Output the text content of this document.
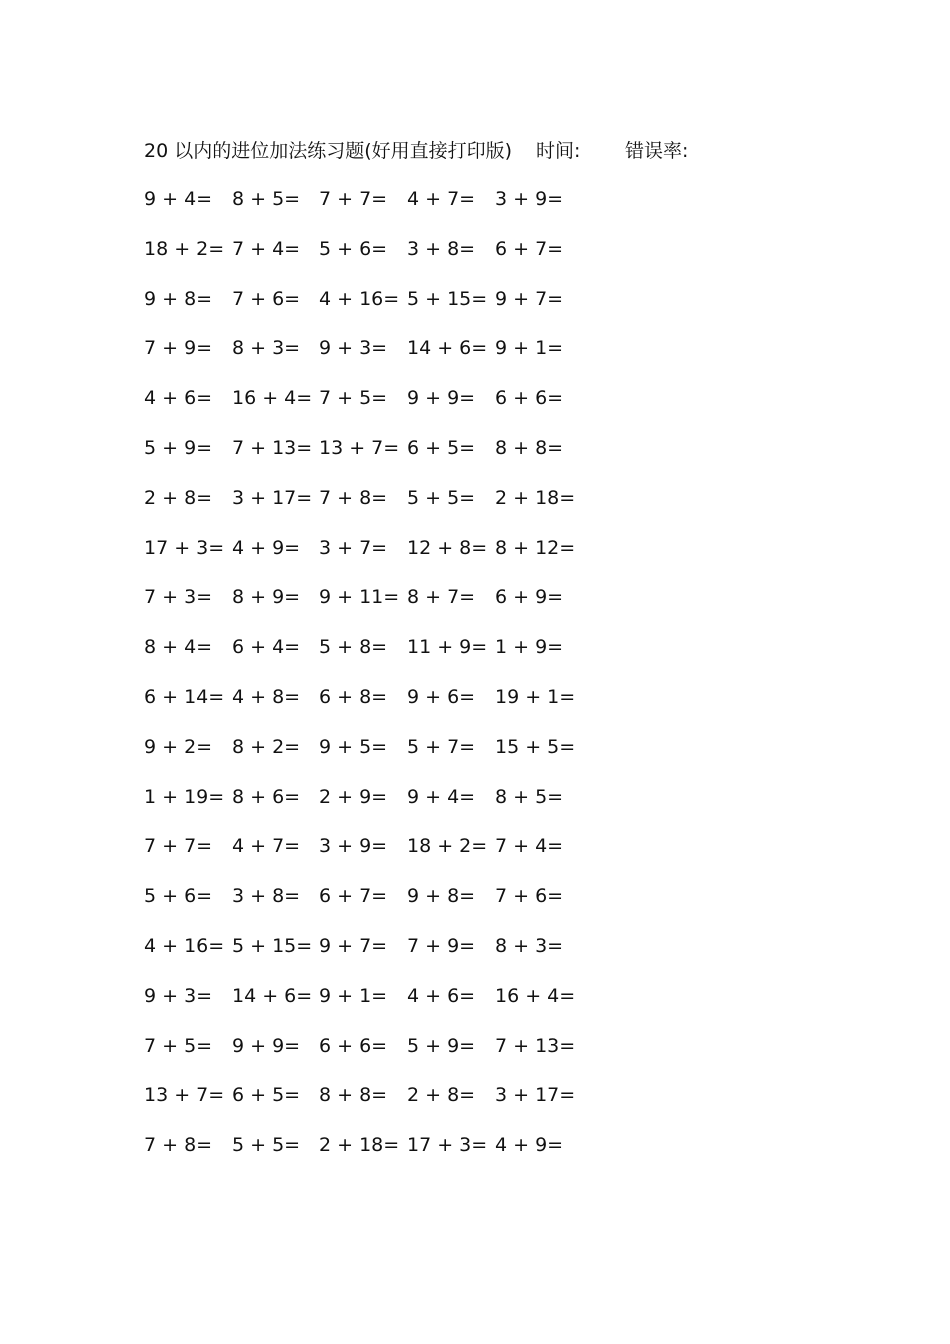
20 以内的进位加法练习题(好用直接打印版) 时间: 错误率:
9 + 4=	8 + 5= 7 + 7=	4 + 7=	3 + 9=
18 + 2= 7 + 4= 5 + 6=	3 + 8=	6 + 7=
9 + 8=	7 + 6= 4 + 16= 5 + 15= 9 + 7=
7 + 9=	8 + 3= 9 + 3=	14 + 6= 9 + 1=
4 + 6=	16 + 4= 7 + 5=	9 + 9=	6 + 6=
5 + 9=	7 + 13= 13 + 7= 6 + 5=	8 + 8=
2 + 8=	3 + 17= 7 + 8=	5 + 5=	2 + 18=
17 + 3= 4 + 9= 3 + 7=	12 + 8= 8 + 12=
7 + 3=	8 + 9= 9 + 11= 8 + 7=	6 + 9=
8 + 4=	6 + 4= 5 + 8=	11 + 9= 1 + 9=
6 + 14= 4 + 8= 6 + 8=	9 + 6=	19 + 1=
9 + 2=	8 + 2= 9 + 5=	5 + 7=	15 + 5=
1 + 19= 8 + 6= 2 + 9=	9 + 4=	8 + 5=
7 + 7=	4 + 7= 3 + 9=	18 + 2= 7 + 4=
5 + 6=	3 + 8= 6 + 7=	9 + 8=	7 + 6=
4 + 16= 5 + 15= 9 + 7=	7 + 9=	8 + 3=
9 + 3=	14 + 6= 9 + 1=	4 + 6=	16 + 4=
7 + 5=	9 + 9= 6 + 6=	5 + 9=	7 + 13=
13 + 7= 6 + 5= 8 + 8=	2 + 8=	3 + 17=
7 + 8=	5 + 5= 2 + 18= 17 + 3= 4 + 9=
